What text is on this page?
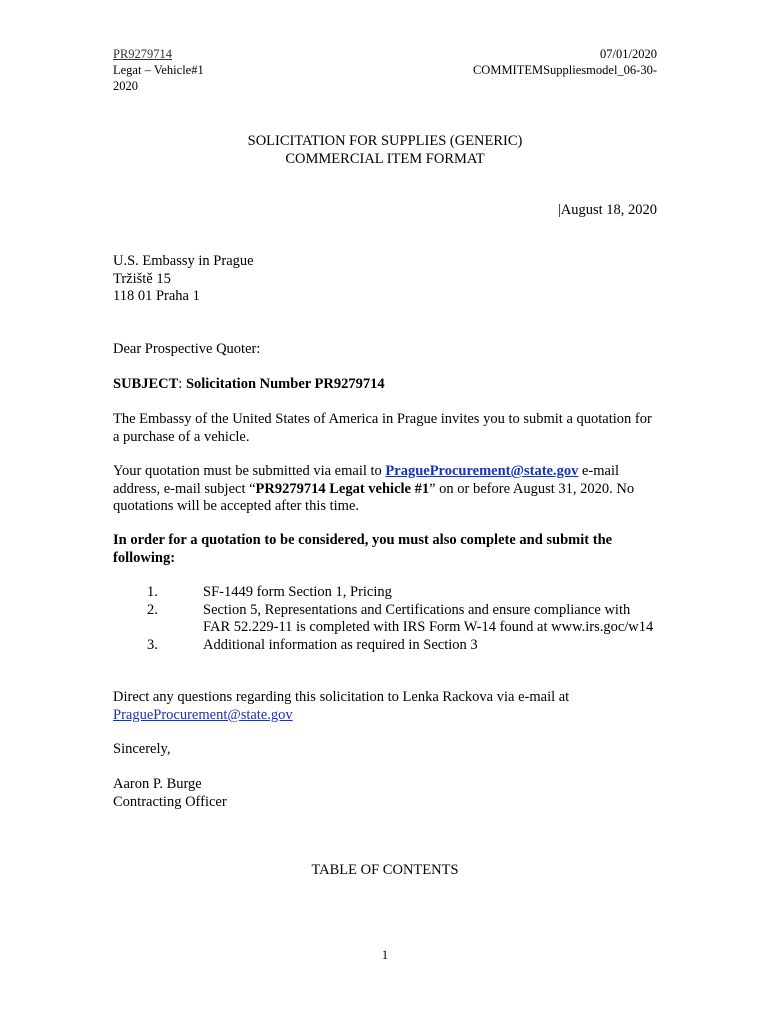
PR9279714
Legat – Vehicle#1
2020
07/01/2020
COMMITEMSuppliesmodel_06-30-
SOLICITATION FOR SUPPLIES (GENERIC)
COMMERCIAL ITEM FORMAT
|August 18, 2020
U.S. Embassy in Prague
Tržiště 15
118 01 Praha 1

Dear Prospective Quoter:

SUBJECT: Solicitation Number PR9279714

The Embassy of the United States of America in Prague invites you to submit a quotation for a purchase of a vehicle.

Your quotation must be submitted via email to PragueProcurement@state.gov e-mail address, e-mail subject “PR9279714 Legat vehicle #1” on or before August 31, 2020. No quotations will be accepted after this time.

In order for a quotation to be considered, you must also complete and submit the following:

1.	SF-1449 form Section 1, Pricing
2.	Section 5, Representations and Certifications and ensure compliance with FAR 52.229-11 is completed with IRS Form W-14 found at www.irs.goc/w14
3.	Additional information as required in Section 3

Direct any questions regarding this solicitation to Lenka Rackova via e-mail at
PragueProcurement@state.gov

Sincerely,

Aaron P. Burge
Contracting Officer
TABLE OF CONTENTS
1
